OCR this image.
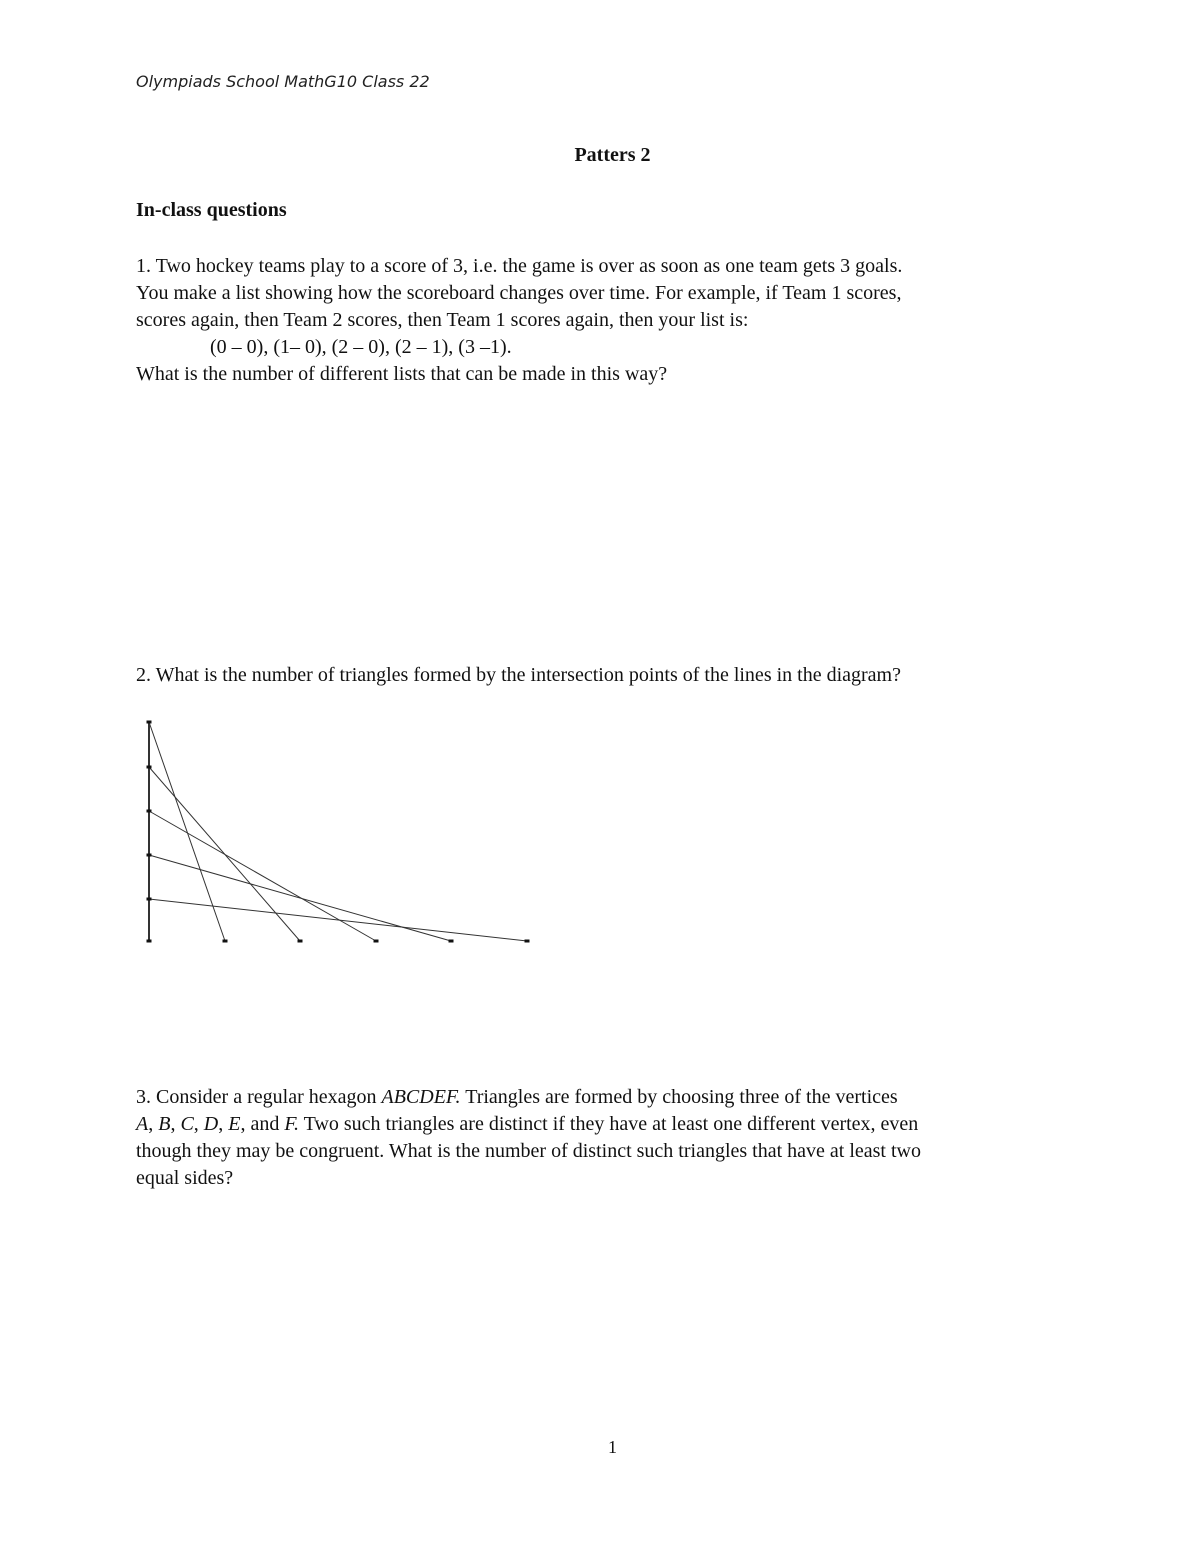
Olympiads School MathG10 Class 22
Patters 2
In-class questions

1. Two hockey teams play to a score of 3, i.e. the game is over as soon as one team gets 3 goals.

You make a list showing how the scoreboard changes over time. For example, if Team 1 scores,

scores again, then Team 2 scores, then Team 1 scores again, then your list is:

(0 – 0), (1– 0), (2 – 0), (2 – 1), (3 –1).

What is the number of different lists that can be made in this way?

2. What is the number of triangles formed by the intersection points of the lines in the diagram?

3. Consider a regular hexagon ABCDEF. Triangles are formed by choosing three of the vertices

A, B, C, D, E, and F. Two such triangles are distinct if they have at least one different vertex, even

though they may be congruent. What is the number of distinct such triangles that have at least two

equal sides?

1
